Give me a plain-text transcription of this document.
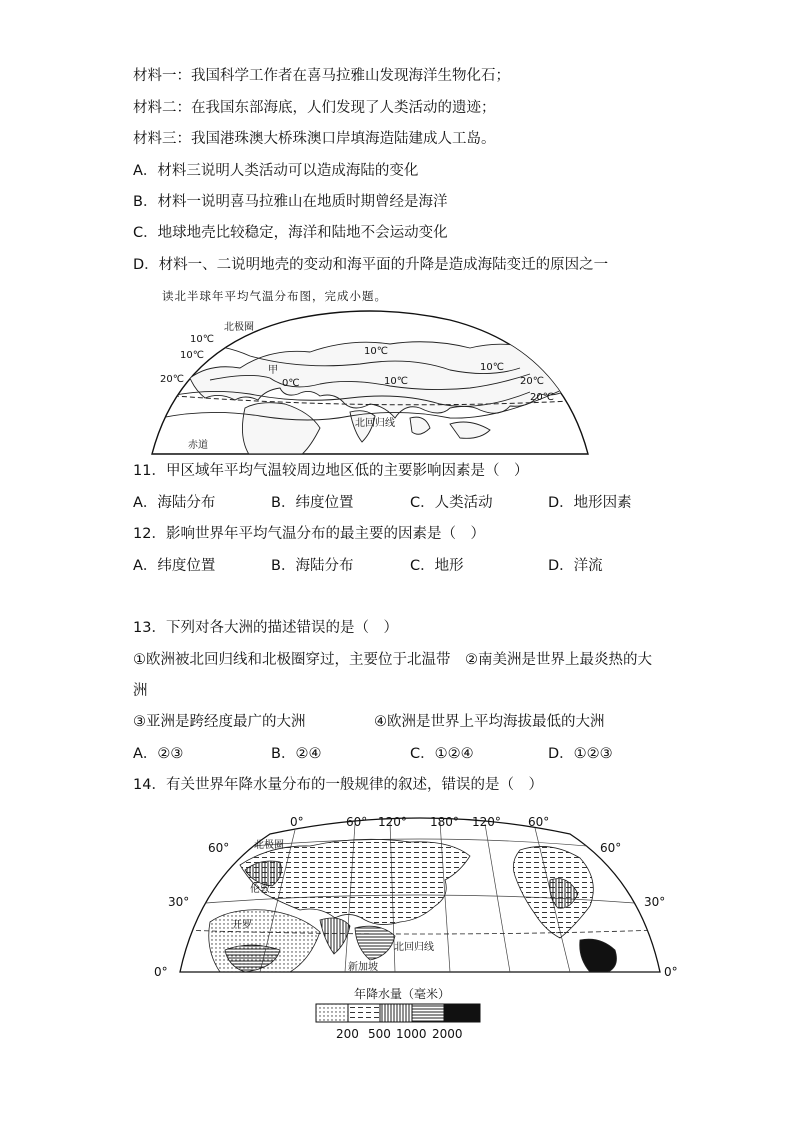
材料一：我国科学工作者在喜马拉雅山发现海洋生物化石；
材料二：在我国东部海底，人们发现了人类活动的遗迹；
材料三：我国港珠澳大桥珠澳口岸填海造陆建成人工岛。
A．材料三说明人类活动可以造成海陆的变化
B．材料一说明喜马拉雅山在地质时期曾经是海洋
C．地球地壳比较稳定，海洋和陆地不会运动变化
D．材料一、二说明地壳的变动和海平面的升降是造成海陆变迁的原因之一
读北半球年平均气温分布图，完成小题。
北极圈
10℃
10℃
20℃
甲
0℃
10℃
10℃
10℃
20℃
20℃
北回归线
赤道
11．甲区域年平均气温较周边地区低的主要影响因素是（　）
A．海陆分布	B．纬度位置	C．人类活动	D．地形因素
12．影响世界年平均气温分布的最主要的因素是（　）
A．纬度位置	B．海陆分布	C．地形	D．洋流
13．下列对各大洲的描述错误的是（　）
①欧洲被北回归线和北极圈穿过，主要位于北温带 ②南美洲是世界上最炎热的大
洲
③亚洲是跨经度最广的大洲	④欧洲是世界上平均海拔最低的大洲
A．②③	B．②④	C．①②④	D．①②③
14．有关世界年降水量分布的一般规律的叙述，错误的是（　）
0°	60° 120° 180° 120° 60°
60°
30°
0°
60°
30°
0°
北极圈
伦敦
开罗
新加坡
北回归线
年降水量（毫米）
200 500 1000 2000
